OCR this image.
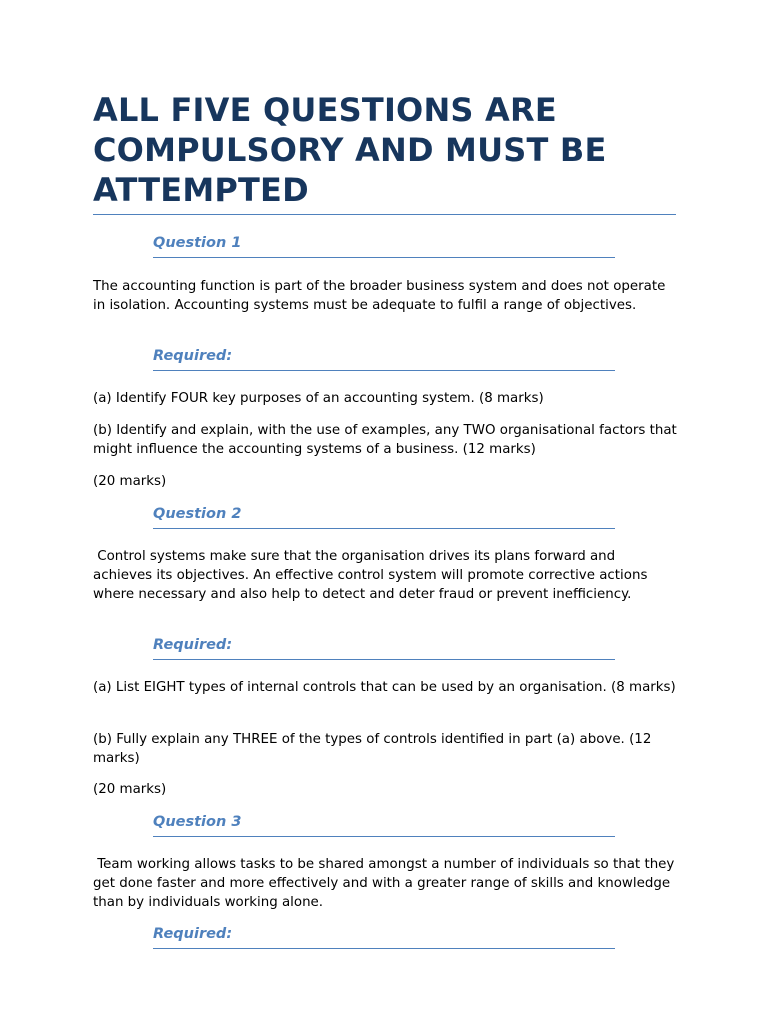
ALL FIVE QUESTIONS ARE COMPULSORY AND MUST BE ATTEMPTED
Question 1

The accounting function is part of the broader business system and does not operate in isolation. Accounting systems must be adequate to fulfil a range of objectives.

Required:

(a) Identify FOUR key purposes of an accounting system. (8 marks)

(b) Identify and explain, with the use of examples, any TWO organisational factors that might influence the accounting systems of a business. (12 marks)

(20 marks)

Question 2

Control systems make sure that the organisation drives its plans forward and achieves its objectives. An effective control system will promote corrective actions where necessary and also help to detect and deter fraud or prevent inefficiency.

Required:

(a) List EIGHT types of internal controls that can be used by an organisation. (8 marks)

(b) Fully explain any THREE of the types of controls identified in part (a) above. (12 marks)

(20 marks)

Question 3

Team working allows tasks to be shared amongst a number of individuals so that they get done faster and more effectively and with a greater range of skills and knowledge than by individuals working alone.

Required:
